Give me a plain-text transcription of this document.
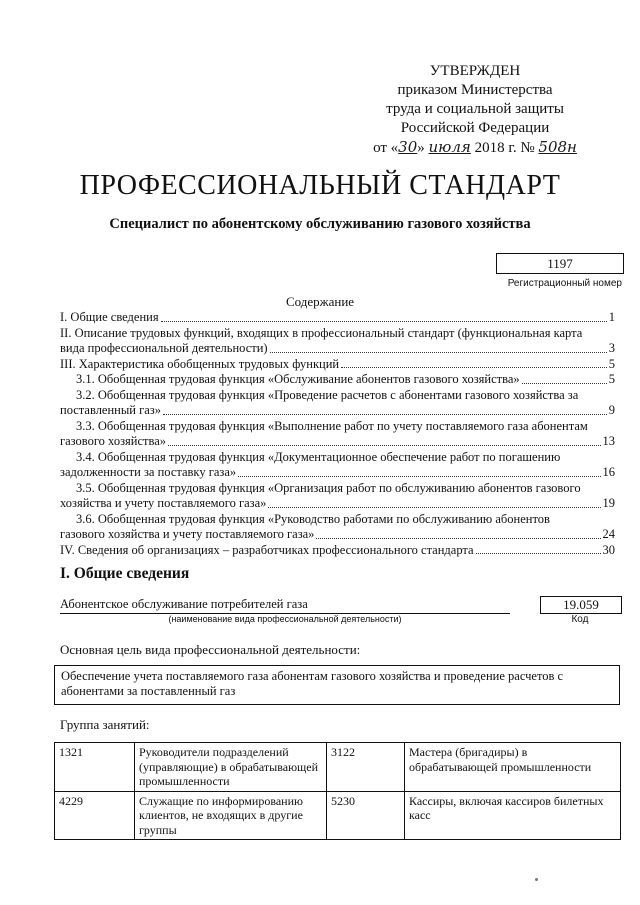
УТВЕРЖДЕН
приказом Министерства
труда и социальной защиты
Российской Федерации
от «30» июля 2018 г. № 508н
ПРОФЕССИОНАЛЬНЫЙ СТАНДАРТ
Специалист по абонентскому обслуживанию газового хозяйства
1197
Регистрационный номер
Содержание
I. Общие сведения	1
II. Описание трудовых функций, входящих в профессиональный стандарт (функциональная карта
вида профессиональной деятельности)	3
III. Характеристика обобщенных трудовых функций	5
3.1. Обобщенная трудовая функция «Обслуживание абонентов газового хозяйства»	5
3.2. Обобщенная трудовая функция «Проведение расчетов с абонентами газового хозяйства за
поставленный газ»	9
3.3. Обобщенная трудовая функция «Выполнение работ по учету поставляемого газа абонентам
газового хозяйства»	13
3.4. Обобщенная трудовая функция «Документационное обеспечение работ по погашению
задолженности за поставку газа»	16
3.5. Обобщенная трудовая функция «Организация работ по обслуживанию абонентов газового
хозяйства и учету поставляемого газа»	19
3.6. Обобщенная трудовая функция «Руководство работами по обслуживанию абонентов
газового хозяйства и учету поставляемого газа»	24
IV. Сведения об организациях – разработчиках профессионального стандарта	30
I. Общие сведения
Абонентское обслуживание потребителей газа
(наименование вида профессиональной деятельности)
19.059
Код
Основная цель вида профессиональной деятельности:
Обеспечение учета поставляемого газа абонентам газового хозяйства и проведение расчетов с абонентами за поставленный газ
Группа занятий:
1321	Руководители подразделений (управляющие) в обрабатывающей промышленности	3122	Мастера (бригадиры) в обрабатывающей промышленности
4229	Служащие по информированию клиентов, не входящих в другие группы	5230	Кассиры, включая кассиров билетных касс
